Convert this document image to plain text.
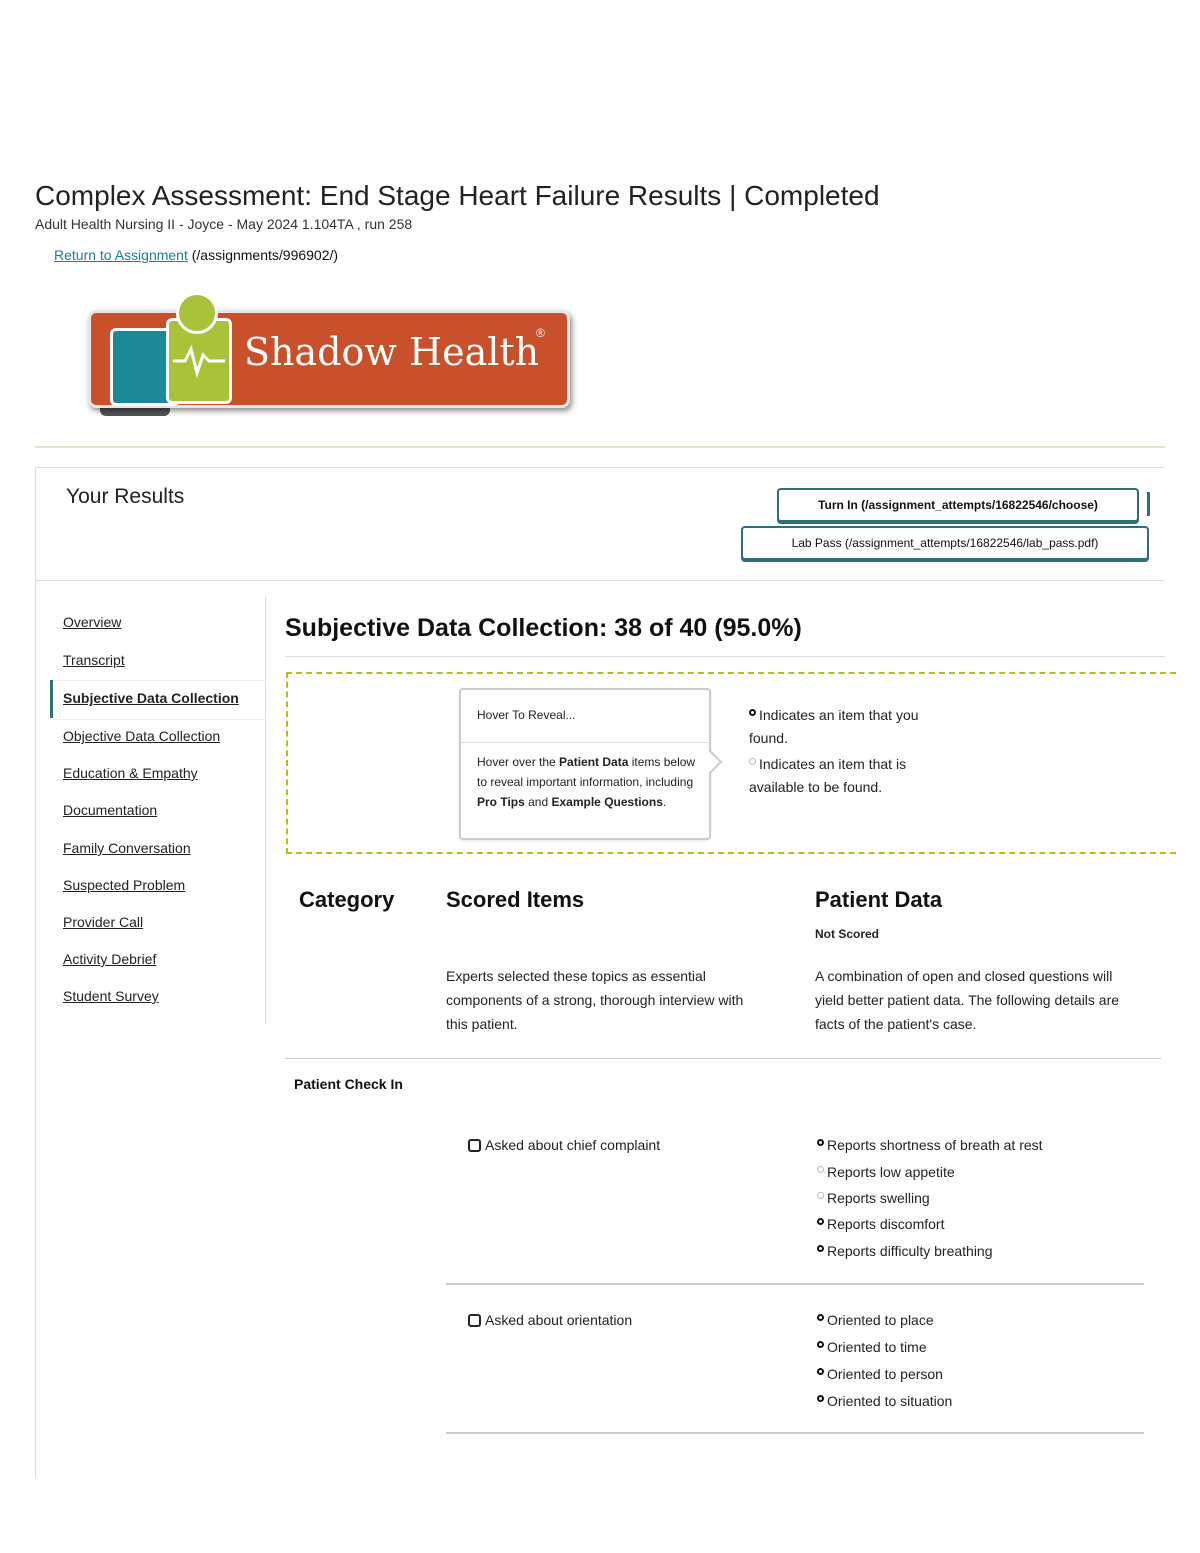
Complex Assessment: End Stage Heart Failure Results | Completed
Adult Health Nursing II - Joyce - May 2024 1.104TA , run 258
Return to Assignment (/assignments/996902/)
Shadow Health
®
Your Results	Turn In (/assignment_attempts/16822546/choose)
Lab Pass (/assignment_attempts/16822546/lab_pass.pdf)
Overview
Transcript
Subjective Data Collection
Objective Data Collection
Education & Empathy
Documentation
Family Conversation
Suspected Problem
Provider Call
Activity Debrief
Student Survey
Subjective Data Collection: 38 of 40 (95.0%)
Hover To Reveal...
Hover over the Patient Data items below to reveal important information, including Pro Tips and Example Questions.
Indicates an item that you found.
Indicates an item that is available to be found.
Category Scored Items	Patient Data
Not Scored
Experts selected these topics as essential components of a strong, thorough interview with this patient.
A combination of open and closed questions will yield better patient data. The following details are facts of the patient's case.
Patient Check In
Asked about chief complaint	Reports shortness of breath at rest
Reports low appetite
Reports swelling
Reports discomfort
Reports difficulty breathing
Asked about orientation	Oriented to place
Oriented to time
Oriented to person
Oriented to situation
